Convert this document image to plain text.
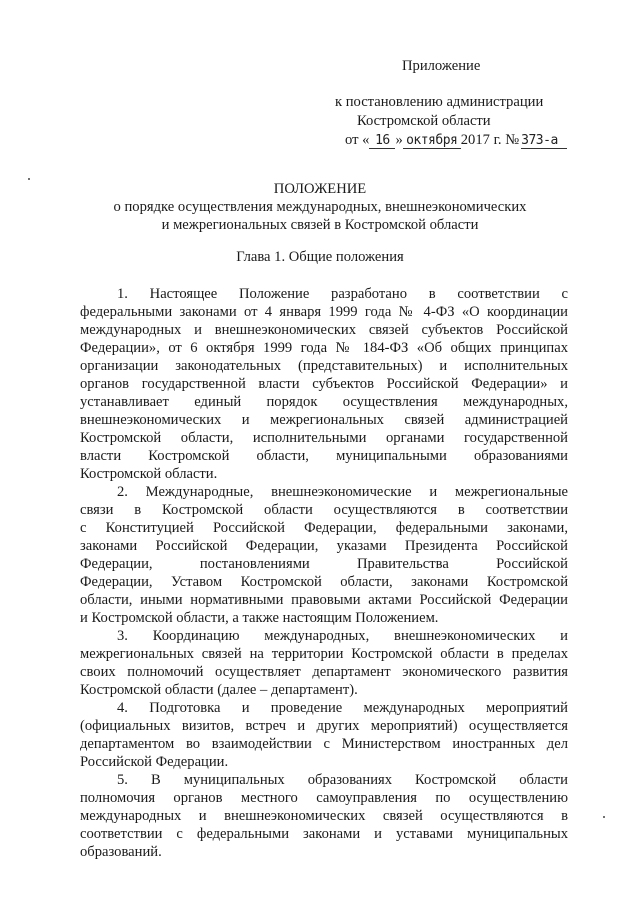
Приложение
к постановлению администрации
Костромской области
от « 16 » октября 2017 г. № 373-а
ПОЛОЖЕНИЕ
о порядке осуществления международных, внешнеэкономических
и межрегиональных связей в Костромской области
Глава 1. Общие положения
1. Настоящее Положение разработано в соответствии с
федеральными законами от 4 января 1999 года № 4-ФЗ «О координации
международных и внешнеэкономических связей субъектов Российской
Федерации», от 6 октября 1999 года № 184-ФЗ «Об общих принципах
организации законодательных (представительных) и исполнительных
органов государственной власти субъектов Российской Федерации» и
устанавливает единый порядок осуществления международных,
внешнеэкономических и межрегиональных связей администрацией
Костромской области, исполнительными органами государственной
власти Костромской области, муниципальными образованиями
Костромской области.
2. Международные, внешнеэкономические и межрегиональные
связи в Костромской области осуществляются в соответствии
с Конституцией Российской Федерации, федеральными законами,
законами Российской Федерации, указами Президента Российской
Федерации, постановлениями Правительства Российской
Федерации, Уставом Костромской области, законами Костромской
области, иными нормативными правовыми актами Российской Федерации
и Костромской области, а также настоящим Положением.
3. Координацию международных, внешнеэкономических и
межрегиональных связей на территории Костромской области в пределах
своих полномочий осуществляет департамент экономического развития
Костромской области (далее – департамент).
4. Подготовка и проведение международных мероприятий
(официальных визитов, встреч и других мероприятий) осуществляется
департаментом во взаимодействии с Министерством иностранных дел
Российской Федерации.
5. В муниципальных образованиях Костромской области
полномочия органов местного самоуправления по осуществлению
международных и внешнеэкономических связей осуществляются в
соответствии с федеральными законами и уставами муниципальных
образований.
